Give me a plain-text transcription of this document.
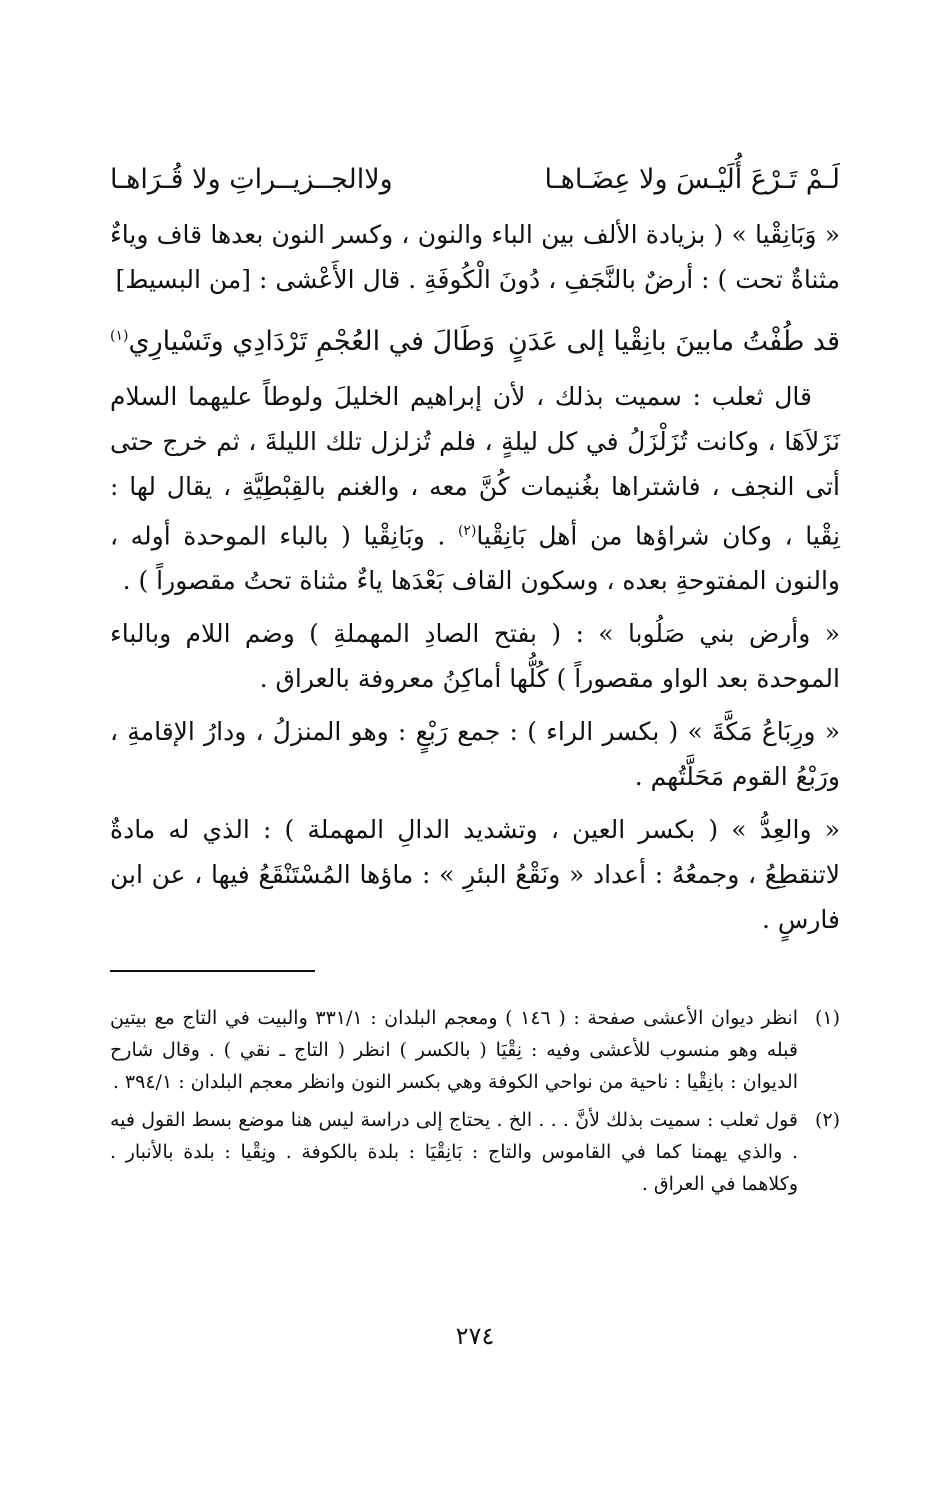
لَـمْ تَـرْعَ أُلَيْـسَ ولا عِضَـاهـا
ولاالجــزيــراتِ ولا قُـرَاهـا

« وَبَانِقْيا » ( بزيادة الألف بين الباء والنون ، وكسر النون بعدها قاف وياءٌ مثناةٌ تحت ) : أرضٌ بالنَّجَفِ ، دُونَ الْكُوفَةِ . قال الأَعْشى : [من البسيط]

قد طُفْتُ مابينَ بانِقْيا إلى عَدَنٍ
وَطَالَ في العُجْمِ تَرْدَادِي وتَسْيارِي$^{(١)}$

قال ثعلب : سميت بذلك ، لأن إبراهيم الخليلَ ولوطاً عليهما السلام نَزَلاَهَا ، وكانت تُزَلْزَلُ في كل ليلةٍ ، فلم تُزلزل تلك الليلةَ ، ثم خرج حتى أتى النجف ، فاشتراها بغُنيمات كُنَّ معه ، والغنم بالقِبْطِيَّةِ ، يقال لها : نِقْيا ، وكان شراؤها من أهل بَانِقْيا$^{(٢)}$ . وبَانِقْيا ( بالباء الموحدة أوله ، والنون المفتوحةِ بعده ، وسكون القاف بَعْدَها ياءٌ مثناة تحتُ مقصوراً ) .

« وأرض بني صَلُوبا » : ( بفتح الصادِ المهملةِ ) وضم اللام وبالباء الموحدة بعد الواو مقصوراً ) كُلُّها أماكِنُ معروفة بالعراق .

« ورِبَاعُ مَكَّةَ » ( بكسر الراء ) : جمع رَبْعٍ : وهو المنزلُ ، ودارُ الإقامةِ ، ورَبْعُ القوم مَحَلَّتُهم .

« والعِدُّ » ( بكسر العين ، وتشديد الدالِ المهملة ) : الذي له مادةٌ لاتنقطِعُ ، وجمعُهُ : أعداد « ونَقْعُ البئرِ » : ماؤها المُسْتَنْقَعُ فيها ، عن ابن فارسٍ .

(١)
انظر ديوان الأعشى صفحة : ( ١٤٦ ) ومعجم البلدان : ٣٣١/١ والبيت في التاج مع بيتين قبله وهو منسوب للأعشى وفيه : نِقْيَا ( بالكسر ) انظر ( التاج ـ نقي ) . وقال شارح الديوان : بانِقْيا : ناحية من نواحي الكوفة وهي بكسر النون وانظر معجم البلدان : ٣٩٤/١ .
(٢)
قول ثعلب : سميت بذلك لأنَّ . . . الخ . يحتاج إلى دراسة ليس هنا موضع بسط القول فيه . والذي يهمنا كما في القاموس والتاج : بَانِقْيَا : بلدة بالكوفة . ونِقْيا : بلدة بالأنبار . وكلاهما في العراق .
٢٧٤
